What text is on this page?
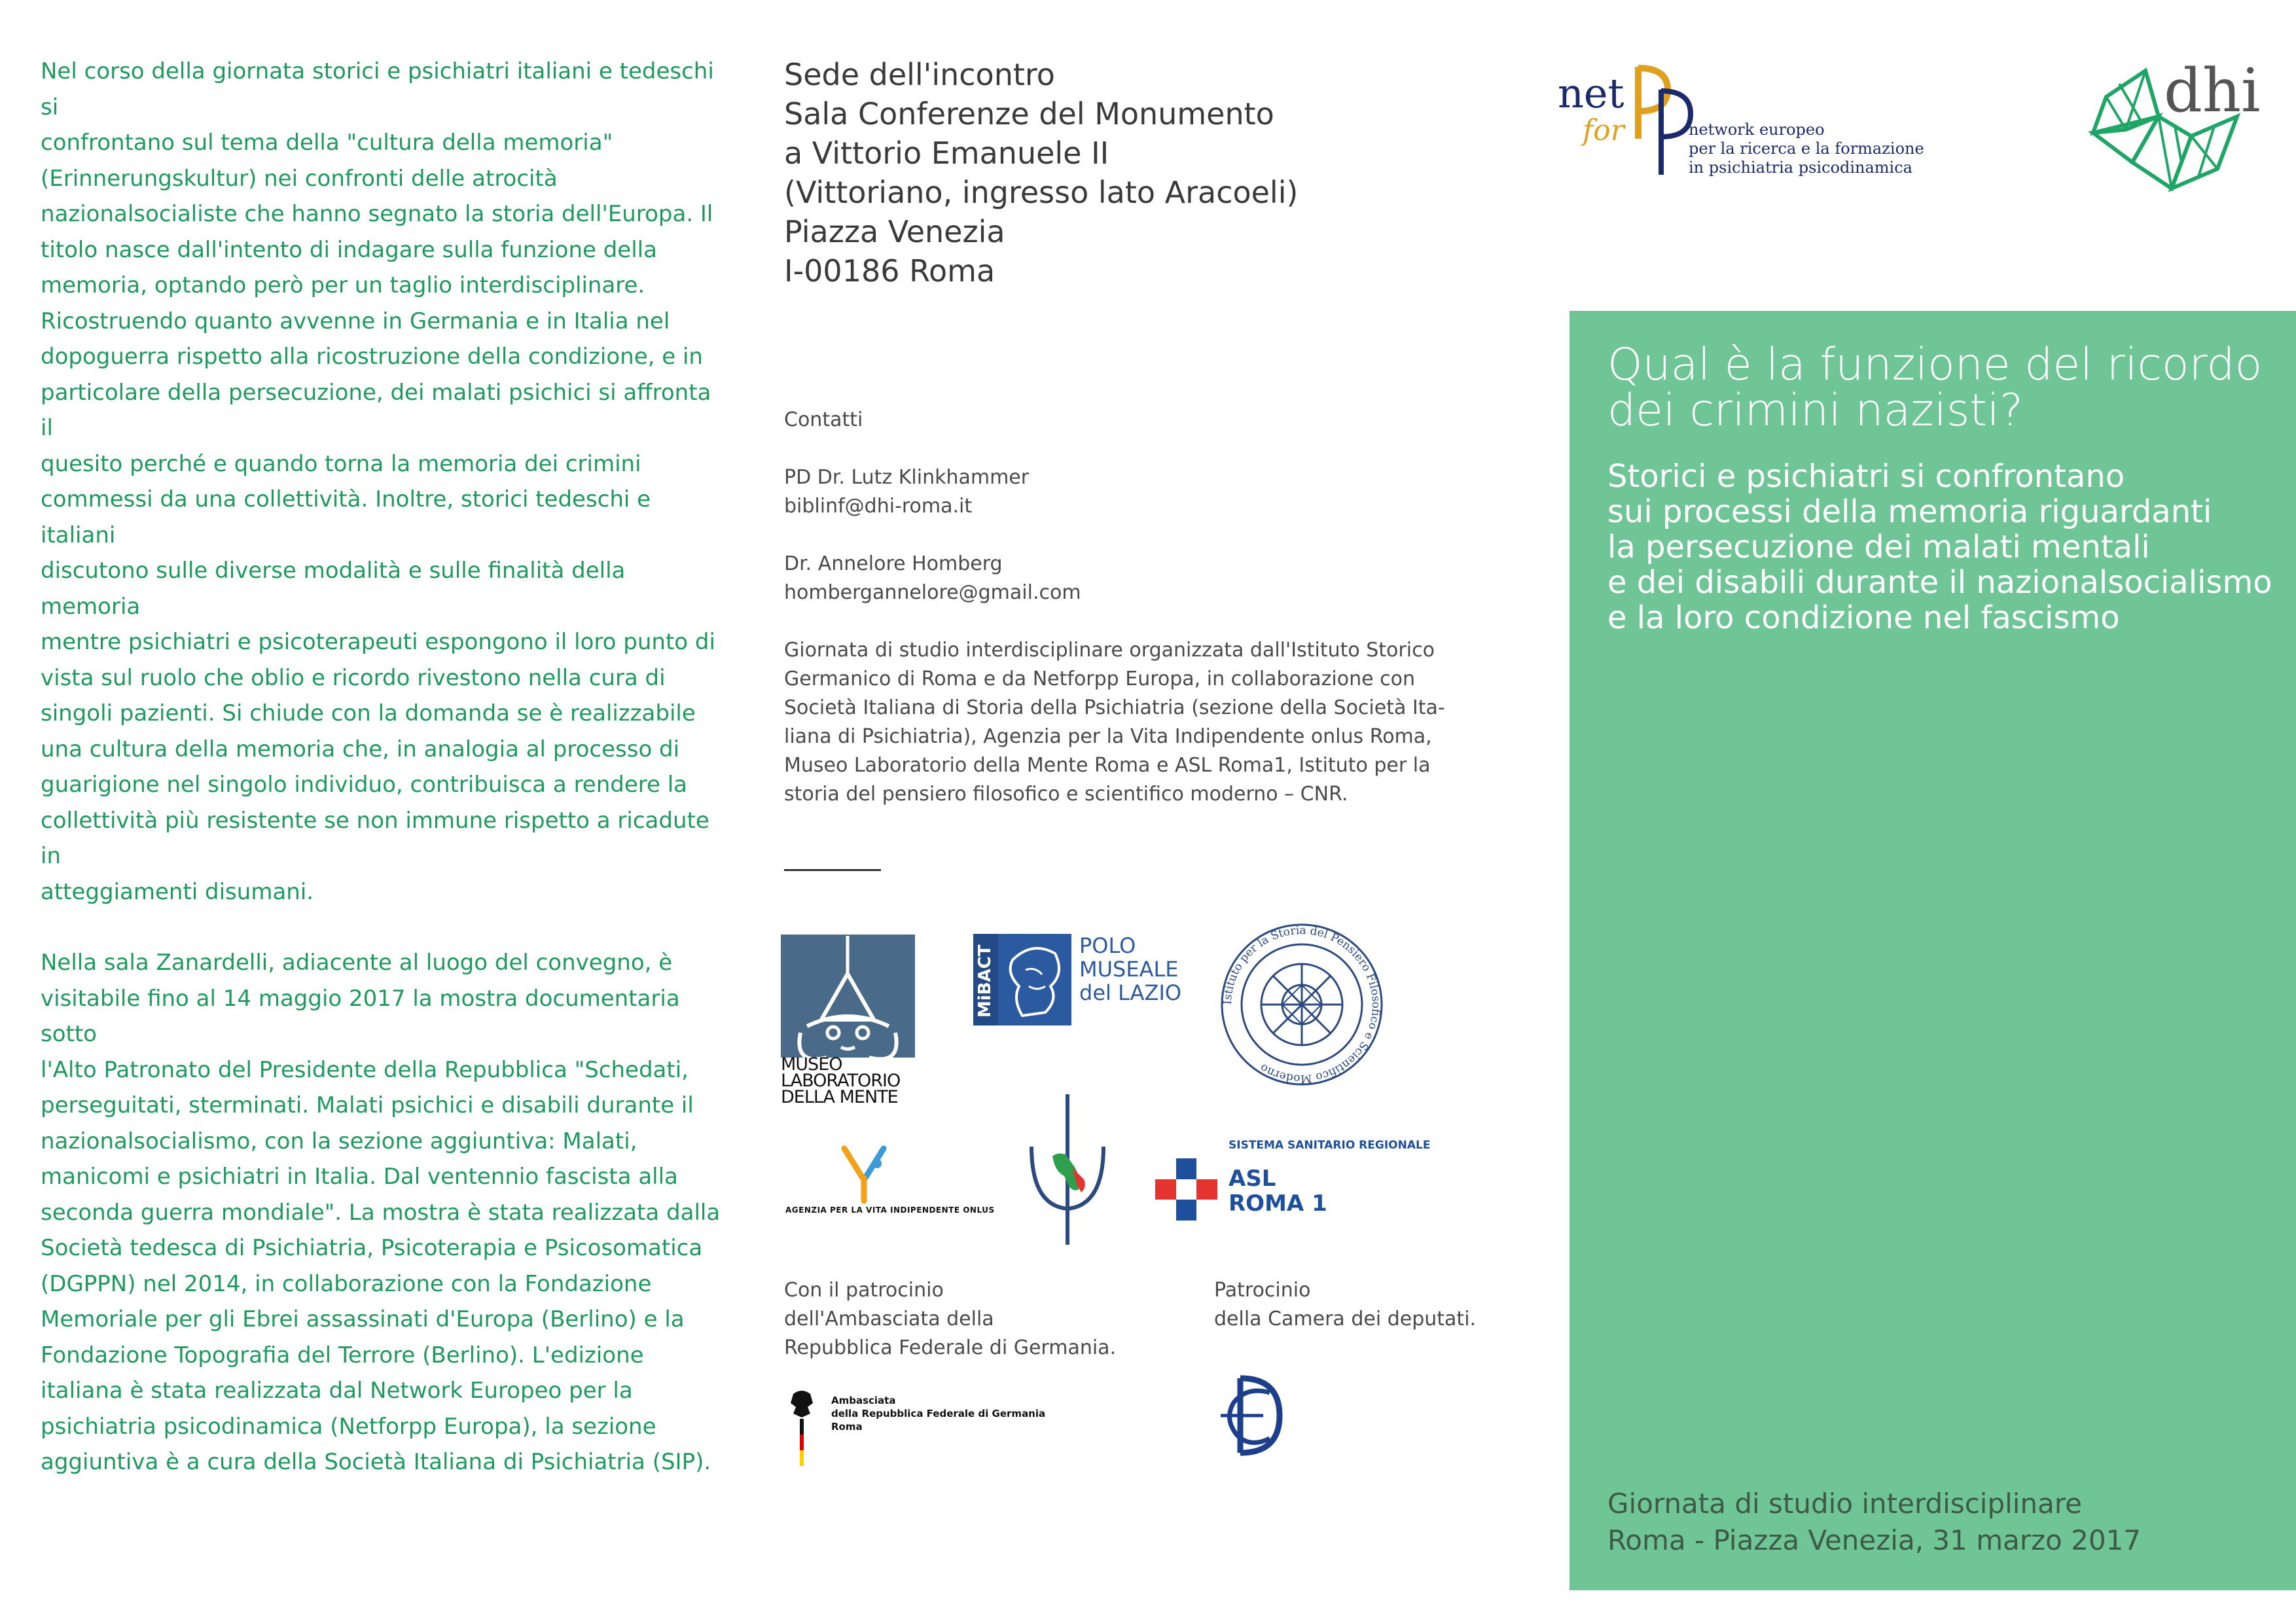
Nel corso della giornata storici e psichiatri italiani e tedeschi si
confrontano sul tema della "cultura della memoria"
(Erinnerungskultur) nei confronti delle atrocità
nazionalsocialiste che hanno segnato la storia dell'Europa. Il
titolo nasce dall'intento di indagare sulla funzione della
memoria, optando però per un taglio interdisciplinare.
Ricostruendo quanto avvenne in Germania e in Italia nel
dopoguerra rispetto alla ricostruzione della condizione, e in
particolare della persecuzione, dei malati psichici si affronta il
quesito perché e quando torna la memoria dei crimini
commessi da una collettività. Inoltre, storici tedeschi e italiani
discutono sulle diverse modalità e sulle finalità della memoria
mentre psichiatri e psicoterapeuti espongono il loro punto di
vista sul ruolo che oblio e ricordo rivestono nella cura di
singoli pazienti. Si chiude con la domanda se è realizzabile
una cultura della memoria che, in analogia al processo di
guarigione nel singolo individuo, contribuisca a rendere la
collettività più resistente se non immune rispetto a ricadute in
atteggiamenti disumani.

Nella sala Zanardelli, adiacente al luogo del convegno, è
visitabile fino al 14 maggio 2017 la mostra documentaria sotto
l'Alto Patronato del Presidente della Repubblica "Schedati,
perseguitati, sterminati. Malati psichici e disabili durante il
nazionalsocialismo, con la sezione aggiuntiva: Malati,
manicomi e psichiatri in Italia. Dal ventennio fascista alla
seconda guerra mondiale". La mostra è stata realizzata dalla
Società tedesca di Psichiatria, Psicoterapia e Psicosomatica
(DGPPN) nel 2014, in collaborazione con la Fondazione
Memoriale per gli Ebrei assassinati d'Europa (Berlino) e la
Fondazione Topografia del Terrore (Berlino). L'edizione
italiana è stata realizzata dal Network Europeo per la
psichiatria psicodinamica (Netforpp Europa), la sezione
aggiuntiva è a cura della Società Italiana di Psichiatria (SIP).

Sede dell'incontro
Sala Conferenze del Monumento
a Vittorio Emanuele II
(Vittoriano, ingresso lato Aracoeli)
Piazza Venezia
I-00186 Roma
Contatti
PD Dr. Lutz Klinkhammer
biblinf@dhi-roma.it
Dr. Annelore Homberg
hombergannelore@gmail.com
Giornata di studio interdisciplinare organizzata dall'Istituto Storico
Germanico di Roma e da Netforpp Europa, in collaborazione con
Società Italiana di Storia della Psichiatria (sezione della Società Ita-
liana di Psichiatria), Agenzia per la Vita Indipendente onlus Roma,
Museo Laboratorio della Mente Roma e ASL Roma1, Istituto per la
storia del pensiero filosofico e scientifico moderno – CNR.
MUSEO
LABORATORIO
DELLA MENTE
MiBACT	POLO
MUSEALE
del LAZIO	Istituto per la Storia del Pensiero Filosofico e Scientifico Moderno
AGENZIA PER LA VITA INDIPENDENTE ONLUS
SISTEMA SANITARIO REGIONALE
ASL
ROMA 1
Con il patrocinio
dell'Ambasciata della
Repubblica Federale di Germania.
Patrocinio
della Camera dei deputati.
Ambasciata
della Repubblica Federale di Germania
Roma
net
for	network europeo
per la ricerca e la formazione
in psichiatria psicodinamica
dhi
Qual è la funzione del ricordo
dei crimini nazisti?
Storici e psichiatri si confrontano
sui processi della memoria riguardanti
la persecuzione dei malati mentali
e dei disabili durante il nazionalsocialismo
e la loro condizione nel fascismo
Giornata di studio interdisciplinare
Roma - Piazza Venezia, 31 marzo 2017
